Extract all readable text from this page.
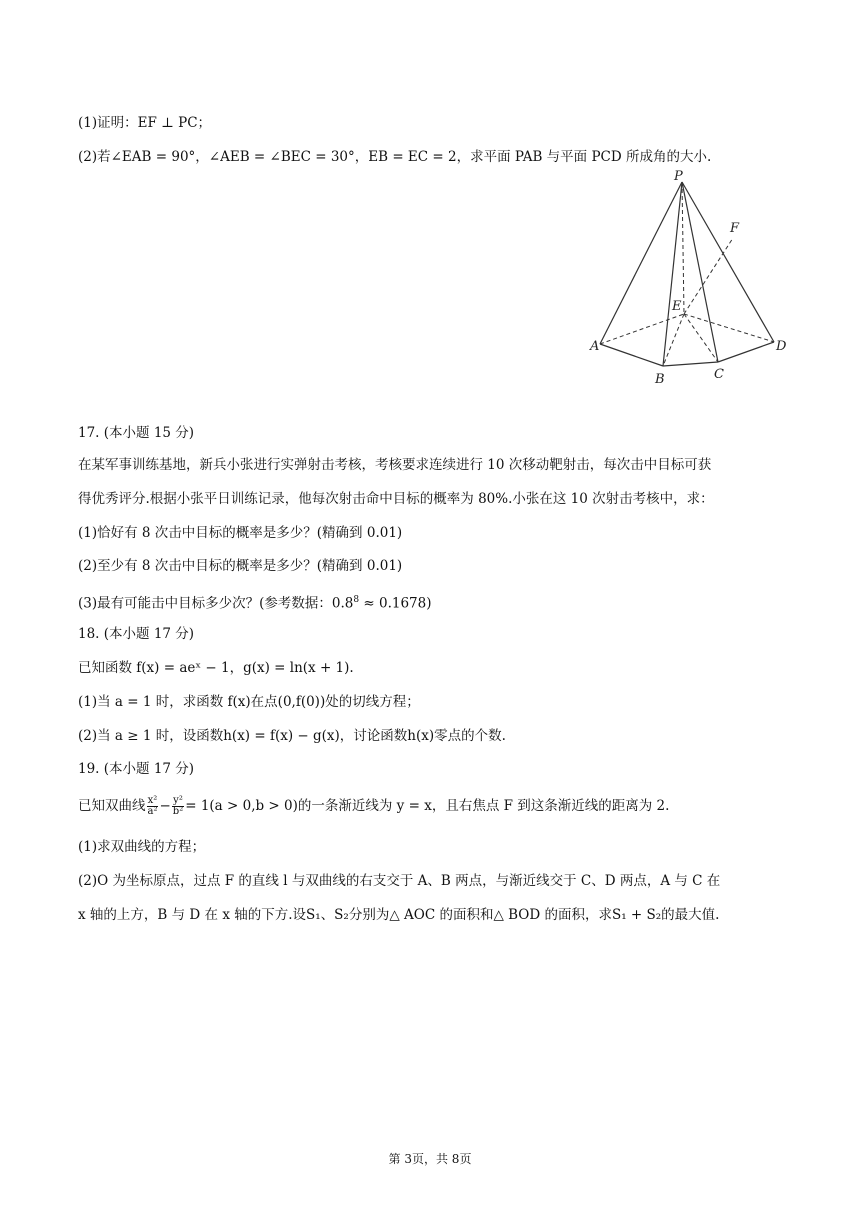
(1)证明：EF ⊥ PC；
(2)若∠EAB = 90°，∠AEB = ∠BEC = 30°，EB = EC = 2，求平面 PAB 与平面 PCD 所成角的大小.
P
F
E
A
B	C
D
17. (本小题 15 分)
在某军事训练基地，新兵小张进行实弹射击考核，考核要求连续进行 10 次移动靶射击，每次击中目标可获
得优秀评分.根据小张平日训练记录，他每次射击命中目标的概率为 80%.小张在这 10 次射击考核中，求：
(1)恰好有 8 次击中目标的概率是多少？(精确到 0.01)
(2)至少有 8 次击中目标的概率是多少？(精确到 0.01)
(3)最有可能击中目标多少次？(参考数据：$0.8^8 \approx 0.1678$)
18. (本小题 17 分)
已知函数 f(x) = aeˣ − 1，g(x) = ln(x + 1).
(1)当 a = 1 时，求函数 f(x)在点(0,f(0))处的切线方程；
(2)当 a ≥ 1 时，设函数h(x) = f(x) − g(x)，讨论函数h(x)零点的个数.
19. (本小题 17 分)
已知双曲线 $\frac{\text{x²}}{\text{a²}} - \frac{\text{y²}}{\text{b²}} = 1(a > 0,b > 0)$的一条渐近线为 y = x，且右焦点 F 到这条渐近线的距离为 2.
(1)求双曲线的方程；
(2)O 为坐标原点，过点 F 的直线 l 与双曲线的右支交于 A、B 两点，与渐近线交于 C、D 两点，A 与 C 在
x 轴的上方，B 与 D 在 x 轴的下方.设S₁、S₂分别为△ AOC 的面积和△ BOD 的面积，求S₁ + S₂的最大值.
第 3页，共 8页
